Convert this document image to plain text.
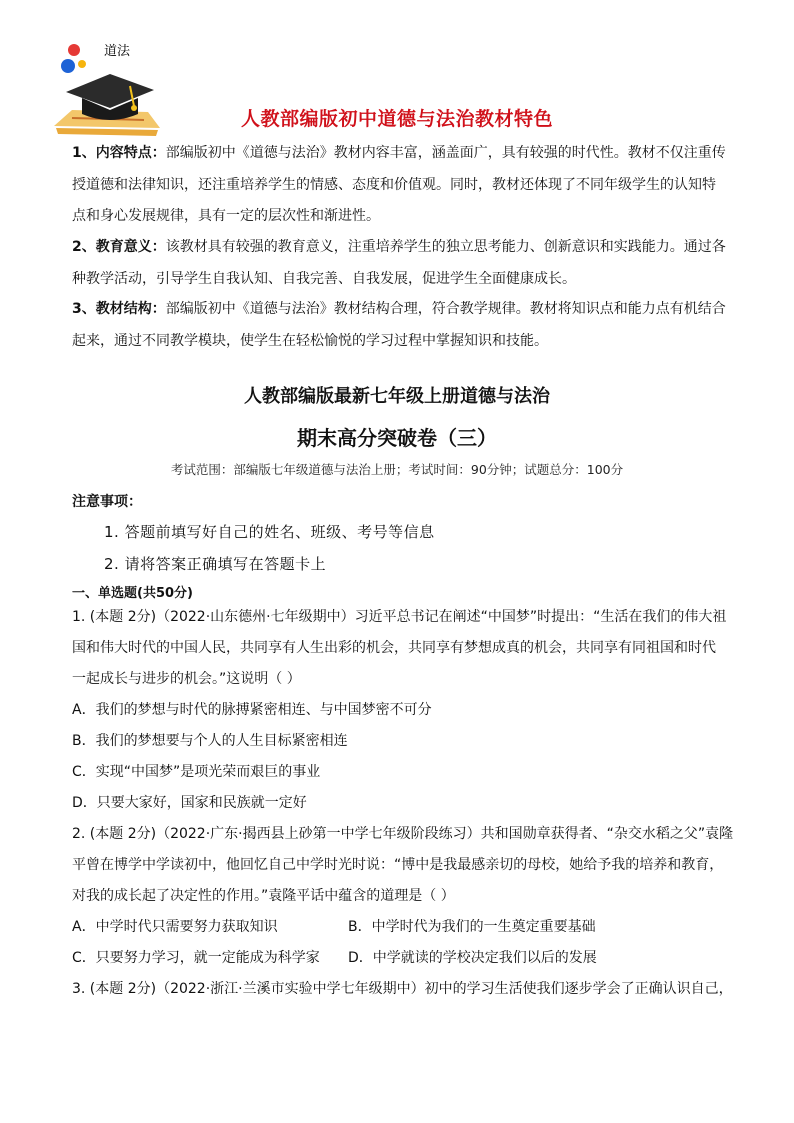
道法
人教部编版初中道德与法治教材特色
1、内容特点：部编版初中《道德与法治》教材内容丰富，涵盖面广，具有较强的时代性。教材不仅注重传
授道德和法律知识，还注重培养学生的情感、态度和价值观。同时，教材还体现了不同年级学生的认知特
点和身心发展规律，具有一定的层次性和渐进性。
2、教育意义：该教材具有较强的教育意义，注重培养学生的独立思考能力、创新意识和实践能力。通过各
种教学活动，引导学生自我认知、自我完善、自我发展，促进学生全面健康成长。
3、教材结构：部编版初中《道德与法治》教材结构合理，符合教学规律。教材将知识点和能力点有机结合
起来，通过不同教学模块，使学生在轻松愉悦的学习过程中掌握知识和技能。
人教部编版最新七年级上册道德与法治
期末高分突破卷（三）
考试范围：部编版七年级道德与法治上册；考试时间：90分钟；试题总分：100分
注意事项：
1. 答题前填写好自己的姓名、班级、考号等信息
2. 请将答案正确填写在答题卡上
一、单选题(共50分)
1. (本题 2分)（2022·山东德州·七年级期中）习近平总书记在阐述“中国梦”时提出：“生活在我们的伟大祖
国和伟大时代的中国人民，共同享有人生出彩的机会，共同享有梦想成真的机会，共同享有同祖国和时代
一起成长与进步的机会。”这说明（ ）
A．我们的梦想与时代的脉搏紧密相连、与中国梦密不可分
B．我们的梦想要与个人的人生目标紧密相连
C．实现“中国梦”是项光荣而艰巨的事业
D．只要大家好，国家和民族就一定好
2. (本题 2分)（2022·广东·揭西县上砂第一中学七年级阶段练习）共和国勋章获得者、“杂交水稻之父”袁隆
平曾在博学中学读初中，他回忆自己中学时光时说：“博中是我最感亲切的母校，她给予我的培养和教育，
对我的成长起了决定性的作用。”袁隆平话中蕴含的道理是（ ）
A．中学时代只需要努力获取知识	B．中学时代为我们的一生奠定重要基础
C．只要努力学习，就一定能成为科学家 D．中学就读的学校决定我们以后的发展
3. (本题 2分)（2022·浙江·兰溪市实验中学七年级期中）初中的学习生活使我们逐步学会了正确认识自己，
